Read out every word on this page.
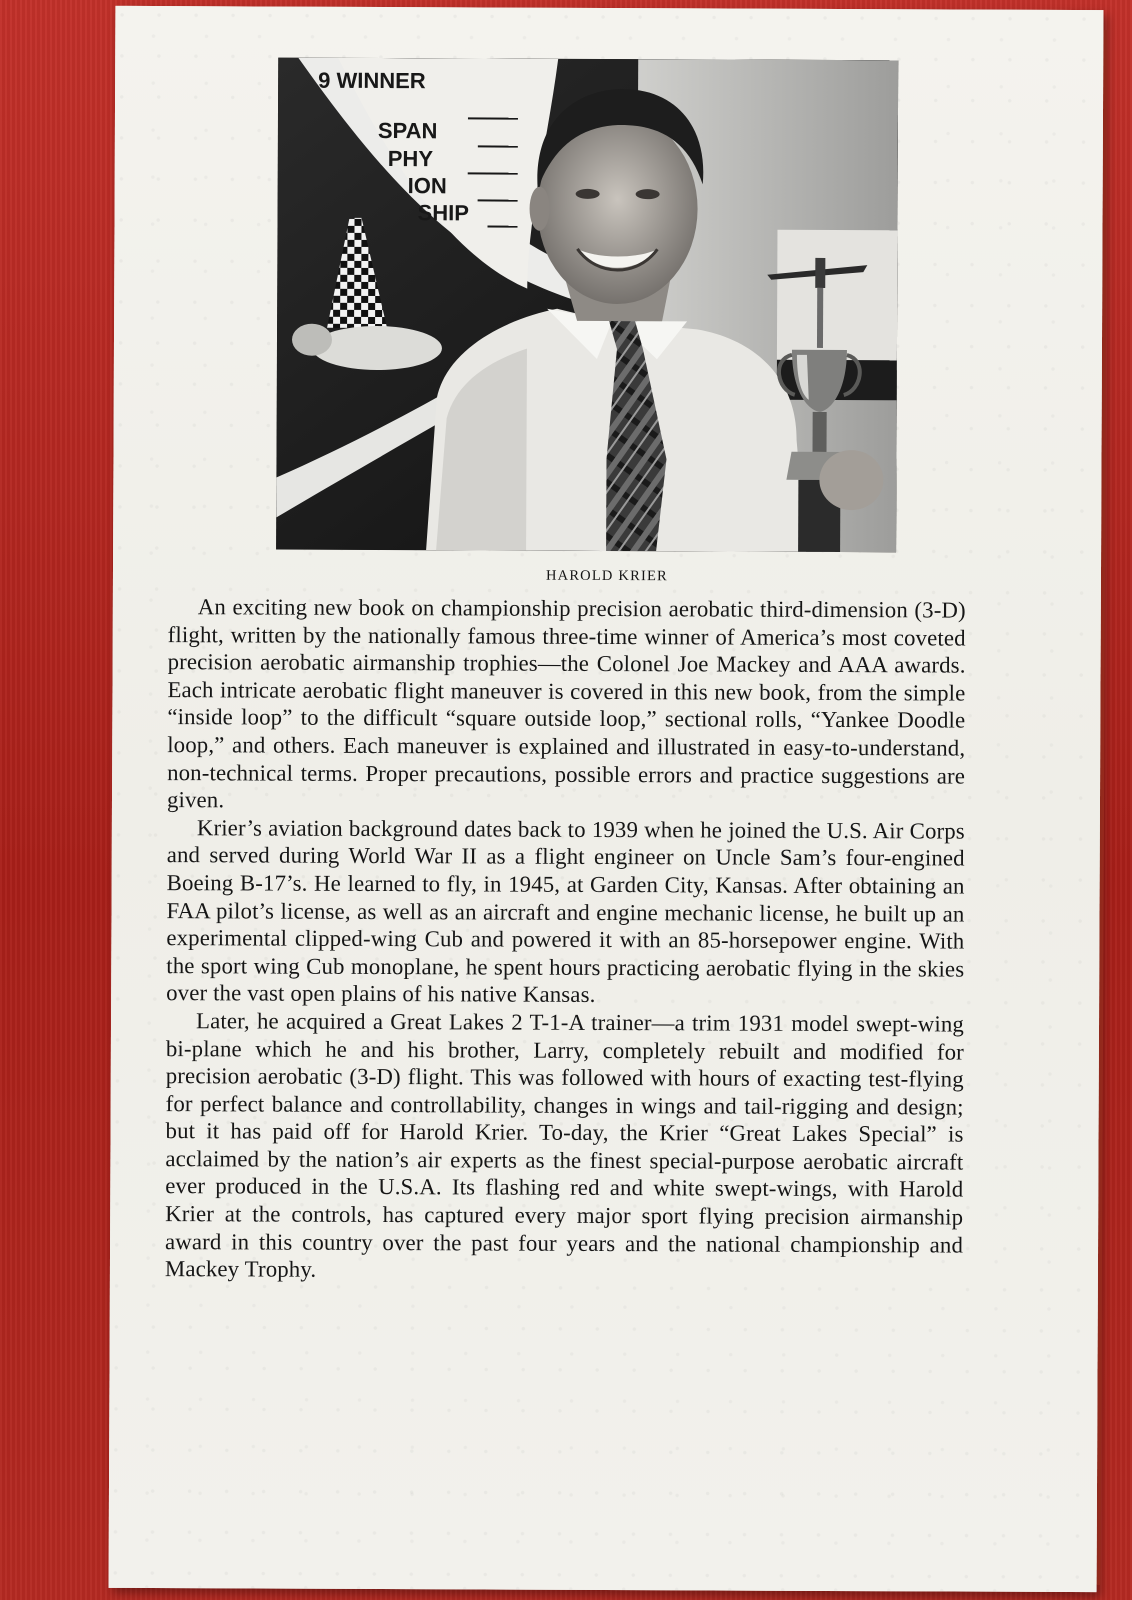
9 WINNER
SPAN
PHY
ION
SHIP
HAROLD KRIER

An exciting new book on championship precision aerobatic third-dimension (3-D) flight, written by the nationally famous three-time winner of America’s most coveted precision aerobatic airmanship trophies—the Colonel Joe Mackey and AAA awards. Each intricate aerobatic flight maneuver is covered in this new book, from the simple “inside loop” to the difficult “square outside loop,” sectional rolls, “Yankee Doodle loop,” and others. Each maneuver is explained and illustrated in easy-to-understand, non-technical terms. Proper precautions, possible errors and practice suggestions are given.

Krier’s aviation background dates back to 1939 when he joined the U.S. Air Corps and served during World War II as a flight engineer on Uncle Sam’s four-engined Boeing B-17’s. He learned to fly, in 1945, at Garden City, Kansas. After obtaining an FAA pilot’s license, as well as an aircraft and engine mechanic license, he built up an experimental clipped-wing Cub and powered it with an 85-horsepower engine. With the sport wing Cub monoplane, he spent hours practicing aerobatic flying in the skies over the vast open plains of his native Kansas.

Later, he acquired a Great Lakes 2 T-1-A trainer—a trim 1931 model swept-wing bi-plane which he and his brother, Larry, completely rebuilt and modified for precision aerobatic (3-D) flight. This was followed with hours of exacting test-flying for perfect balance and controllability, changes in wings and tail-rigging and design; but it has paid off for Harold Krier. To-day, the Krier “Great Lakes Special” is acclaimed by the nation’s air experts as the finest special-purpose aerobatic aircraft ever produced in the U.S.A. Its flashing red and white swept-wings, with Harold Krier at the controls, has captured every major sport flying precision airmanship award in this country over the past four years and the national championship and Mackey Trophy.
